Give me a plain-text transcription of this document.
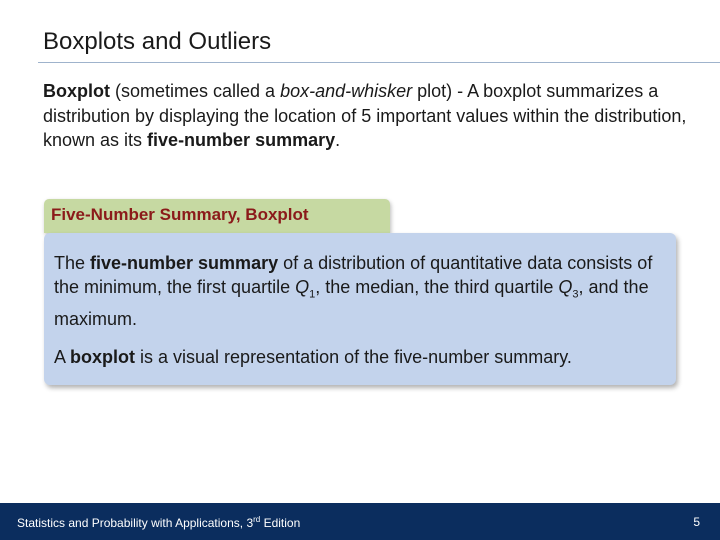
Boxplots and Outliers
Boxplot (sometimes called a box-and-whisker plot) - A boxplot summarizes a distribution by displaying the location of 5 important values within the distribution, known as its five-number summary.
Five-Number Summary, Boxplot
The five-number summary of a distribution of quantitative data consists of the minimum, the first quartile $Q_1$, the median, the third quartile $Q_3$, and the maximum.
A boxplot is a visual representation of the five-number summary.
Statistics and Probability with Applications, 3rd Edition	5
